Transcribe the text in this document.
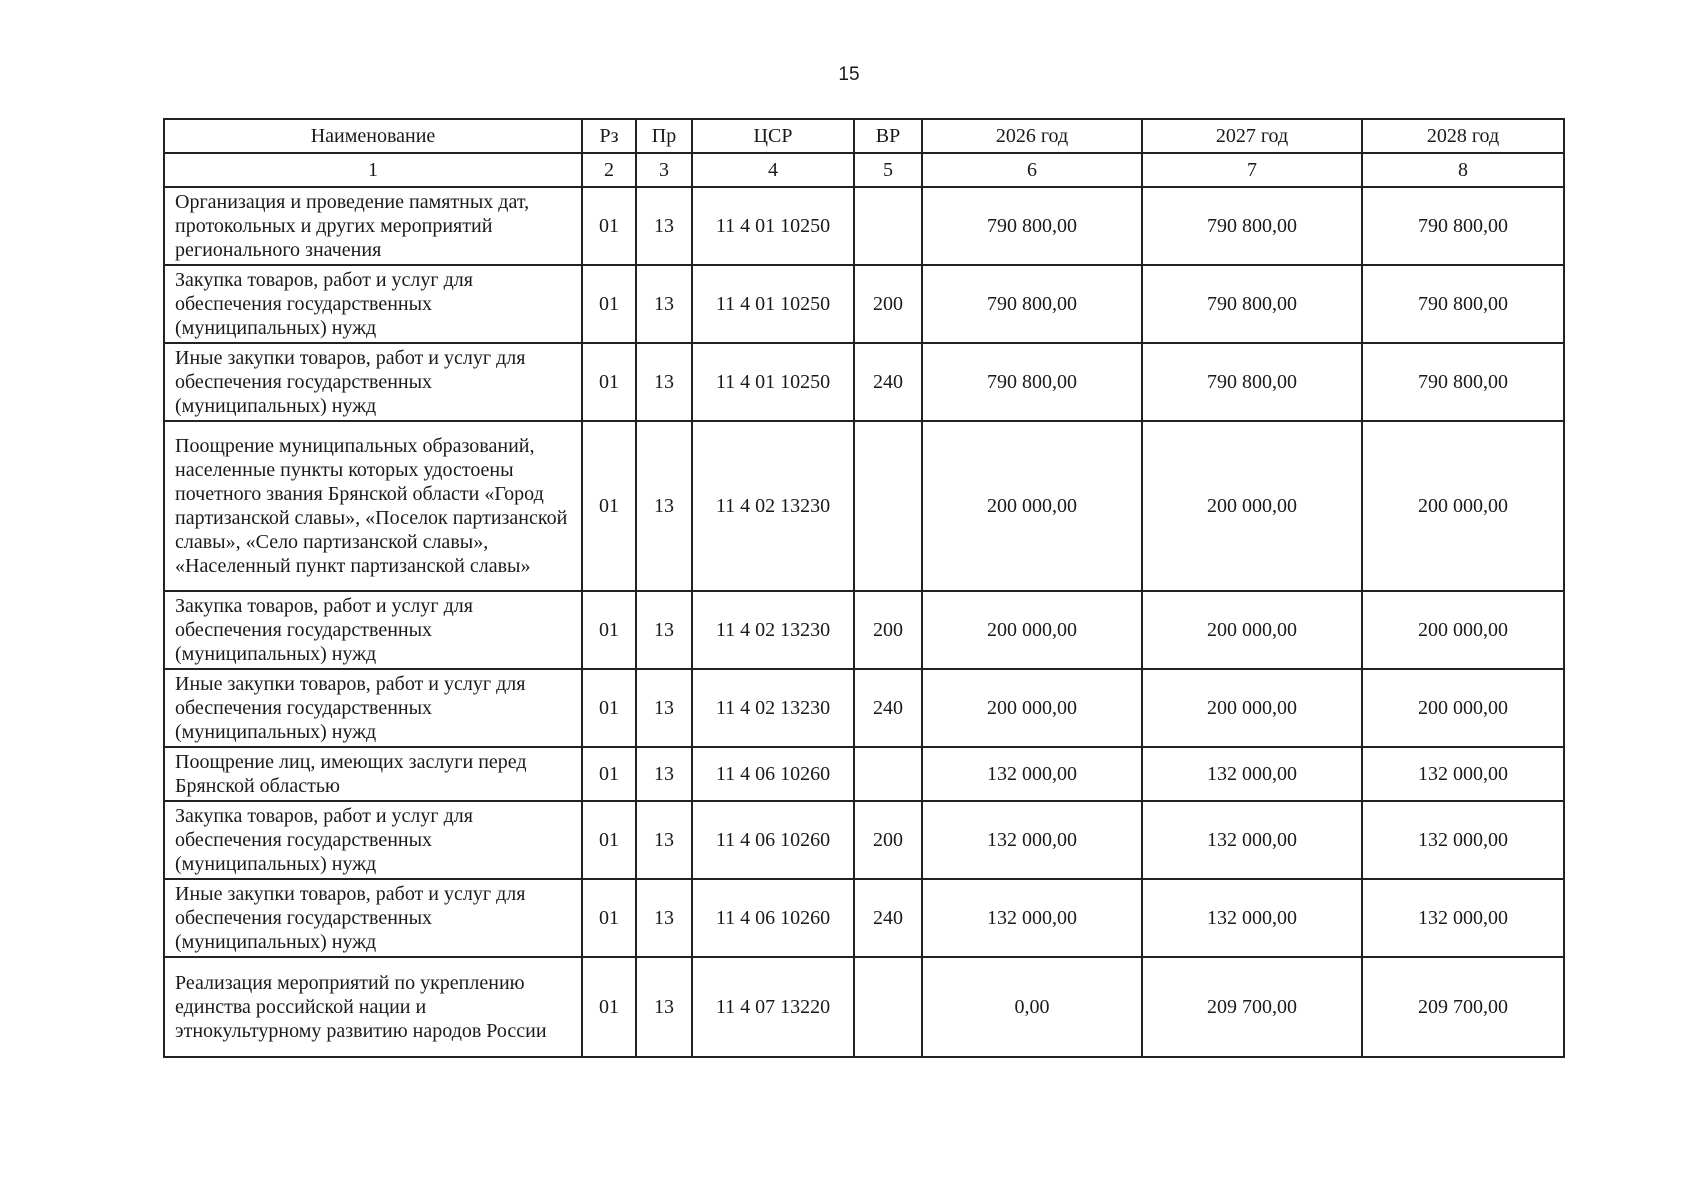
15
Наименование	Рз	Пр	ЦСР	ВР	2026 год	2027 год	2028 год
1	2	3	4	5	6	7	8
Организация и проведение памятных дат, протокольных и других мероприятий регионального значения	01	13	11 4 01 10250		790 800,00	790 800,00	790 800,00
Закупка товаров, работ и услуг для обеспечения государственных (муниципальных) нужд	01	13	11 4 01 10250	200	790 800,00	790 800,00	790 800,00
Иные закупки товаров, работ и услуг для обеспечения государственных (муниципальных) нужд	01	13	11 4 01 10250	240	790 800,00	790 800,00	790 800,00
Поощрение муниципальных образований, населенные пункты которых удостоены почетного звания Брянской области «Город партизанской славы», «Поселок партизанской славы», «Село партизанской славы», «Населенный пункт партизанской славы»	01	13	11 4 02 13230		200 000,00	200 000,00	200 000,00
Закупка товаров, работ и услуг для обеспечения государственных (муниципальных) нужд	01	13	11 4 02 13230	200	200 000,00	200 000,00	200 000,00
Иные закупки товаров, работ и услуг для обеспечения государственных (муниципальных) нужд	01	13	11 4 02 13230	240	200 000,00	200 000,00	200 000,00
Поощрение лиц, имеющих заслуги перед Брянской областью	01	13	11 4 06 10260		132 000,00	132 000,00	132 000,00
Закупка товаров, работ и услуг для обеспечения государственных (муниципальных) нужд	01	13	11 4 06 10260	200	132 000,00	132 000,00	132 000,00
Иные закупки товаров, работ и услуг для обеспечения государственных (муниципальных) нужд	01	13	11 4 06 10260	240	132 000,00	132 000,00	132 000,00
Реализация мероприятий по укреплению единства российской нации и этнокультурному развитию народов России	01	13	11 4 07 13220		0,00	209 700,00	209 700,00
